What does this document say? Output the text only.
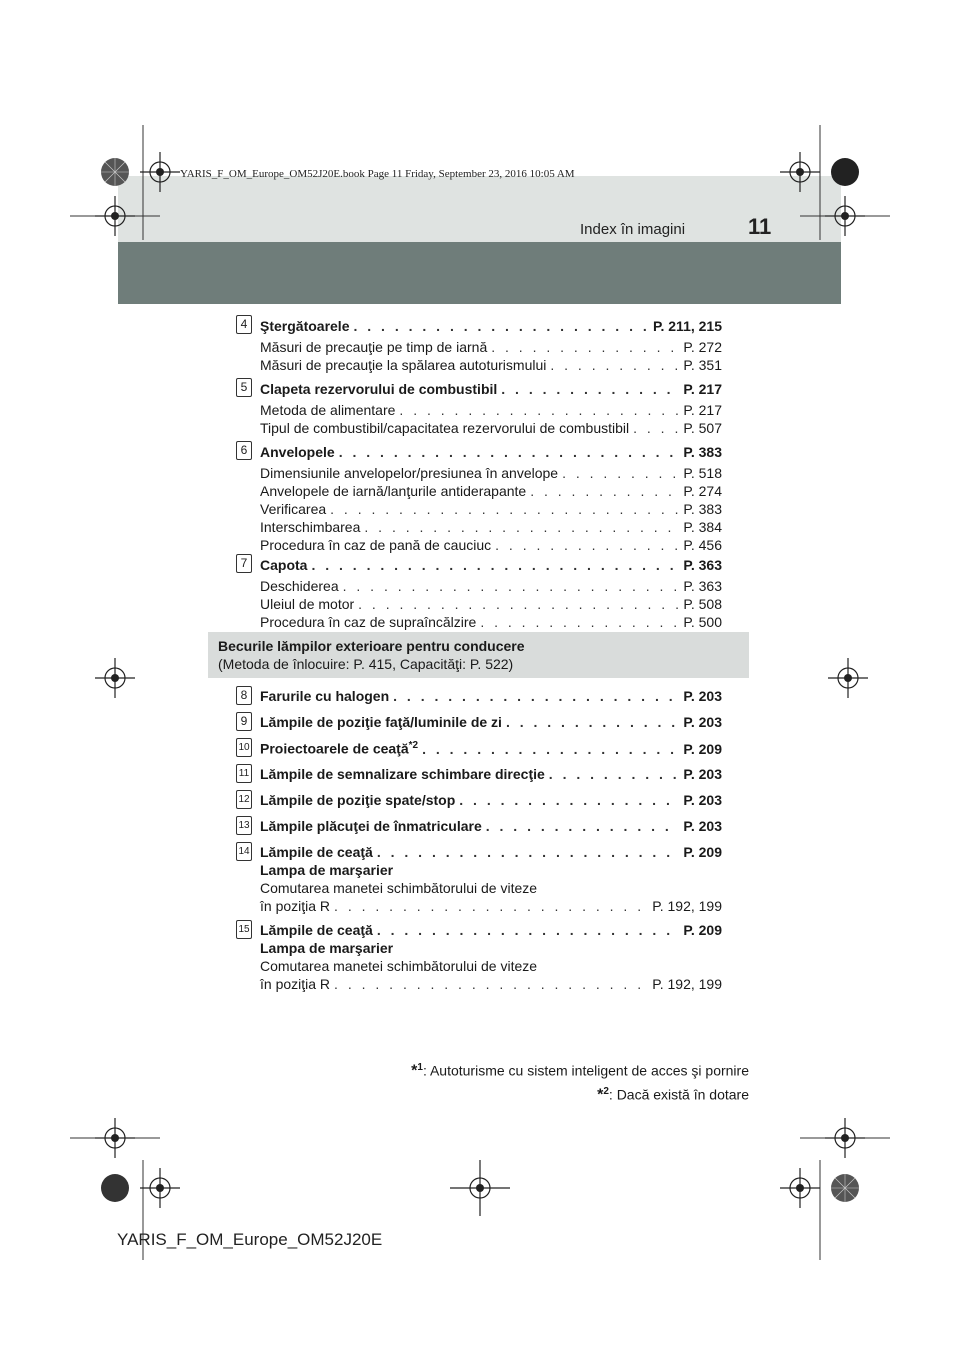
YARIS_F_OM_Europe_OM52J20E.book Page 11 Friday, September 23, 2016 10:05 AM
Index în imagini	11
4 Ştergătoarele . . .	P. 211, 215
Măsuri de precauţie pe timp de iarnă . . .	P. 272
Măsuri de precauţie la spălarea autoturismului . . .	P. 351
5 Clapeta rezervorului de combustibil . . .	P. 217
Metoda de alimentare . . .	P. 217
Tipul de combustibil/capacitatea rezervorului de combustibil . . .	P. 507
6 Anvelopele . . .	P. 383
Dimensiunile anvelopelor/presiunea în anvelope . . .	P. 518
Anvelopele de iarnă/lanţurile antiderapante . . .	P. 274
Verificarea . . .	P. 383
Interschimbarea . . .	P. 384
Procedura în caz de pană de cauciuc . . .	P. 456
7 Capota . . .	P. 363
Deschiderea . . .	P. 363
Uleiul de motor . . .	P. 508
Procedura în caz de supraîncălzire . . .	P. 500
Becurile lămpilor exterioare pentru conducere
(Metoda de înlocuire: P. 415, Capacităţi: P. 522)
8 Farurile cu halogen . . .	P. 203
9 Lămpile de poziţie faţă/luminile de zi . . .	P. 203
10 Proiectoarele de ceaţă$^{*2}$ . . .	P. 209
11 Lămpile de semnalizare schimbare direcţie . . .	P. 203
12 Lămpile de poziţie spate/stop . . .	P. 203
13 Lămpile plăcuţei de înmatriculare . . .	P. 203
14 Lămpile de ceaţă . . .	P. 209
Lampa de marşarier
Comutarea manetei schimbătorului de viteze
în poziţia R . . .	P. 192, 199
15 Lămpile de ceaţă . . .	P. 209
Lampa de marşarier
Comutarea manetei schimbătorului de viteze
în poziţia R . . .	P. 192, 199
*$^1$: Autoturisme cu sistem inteligent de acces şi pornire
*$^2$: Dacă există în dotare
YARIS_F_OM_Europe_OM52J20E
